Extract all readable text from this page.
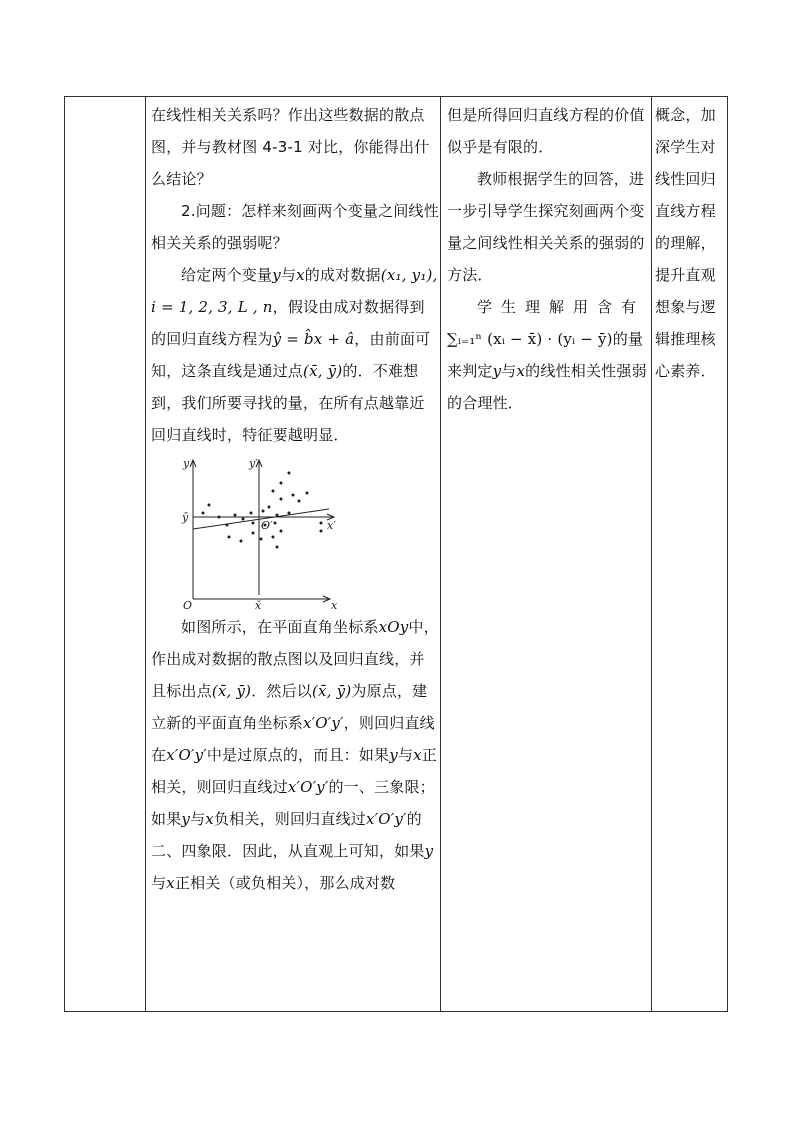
在线性相关关系吗？作出这些数据的散点图，并与教材图 4-3-1 对比，你能得出什么结论？

2.问题：怎样来刻画两个变量之间线性相关关系的强弱呢？

给定两个变量y与x的成对数据(x₁, y₁), i = 1, 2, 3, L , n，假设由成对数据得到的回归直线方程为ŷ = b̂x + â，由前面可知，这条直线是通过点(x̄, ȳ)的．不难想到，我们所要寻找的量，在所有点越靠近回归直线时，特征要越明显．

y	y′
x
x′
O
O′
ȳ
x̄

如图所示，在平面直角坐标系xOy中，作出成对数据的散点图以及回归直线，并且标出点(x̄, ȳ)．然后以(x̄, ȳ)为原点，建立新的平面直角坐标系x′O′y′，则回归直线在x′O′y′中是过原点的，而且：如果y与x正相关，则回归直线过x′O′y′的一、三象限；如果y与x负相关，则回归直线过x′O′y′的二、四象限．因此，从直观上可知，如果y与x正相关（或负相关），那么成对数

但是所得回归直线方程的价值似乎是有限的．

教师根据学生的回答，进一步引导学生探究刻画两个变量之间线性相关关系的强弱的方法．

学生理解用含有∑ᵢ₌₁ⁿ (xᵢ − x̄) · (yᵢ − ȳ)的量来判定y与x的线性相关性强弱的合理性．

概念，加深学生对线性回归直线方程的理解，提升直观想象与逻辑推理核心素养．
